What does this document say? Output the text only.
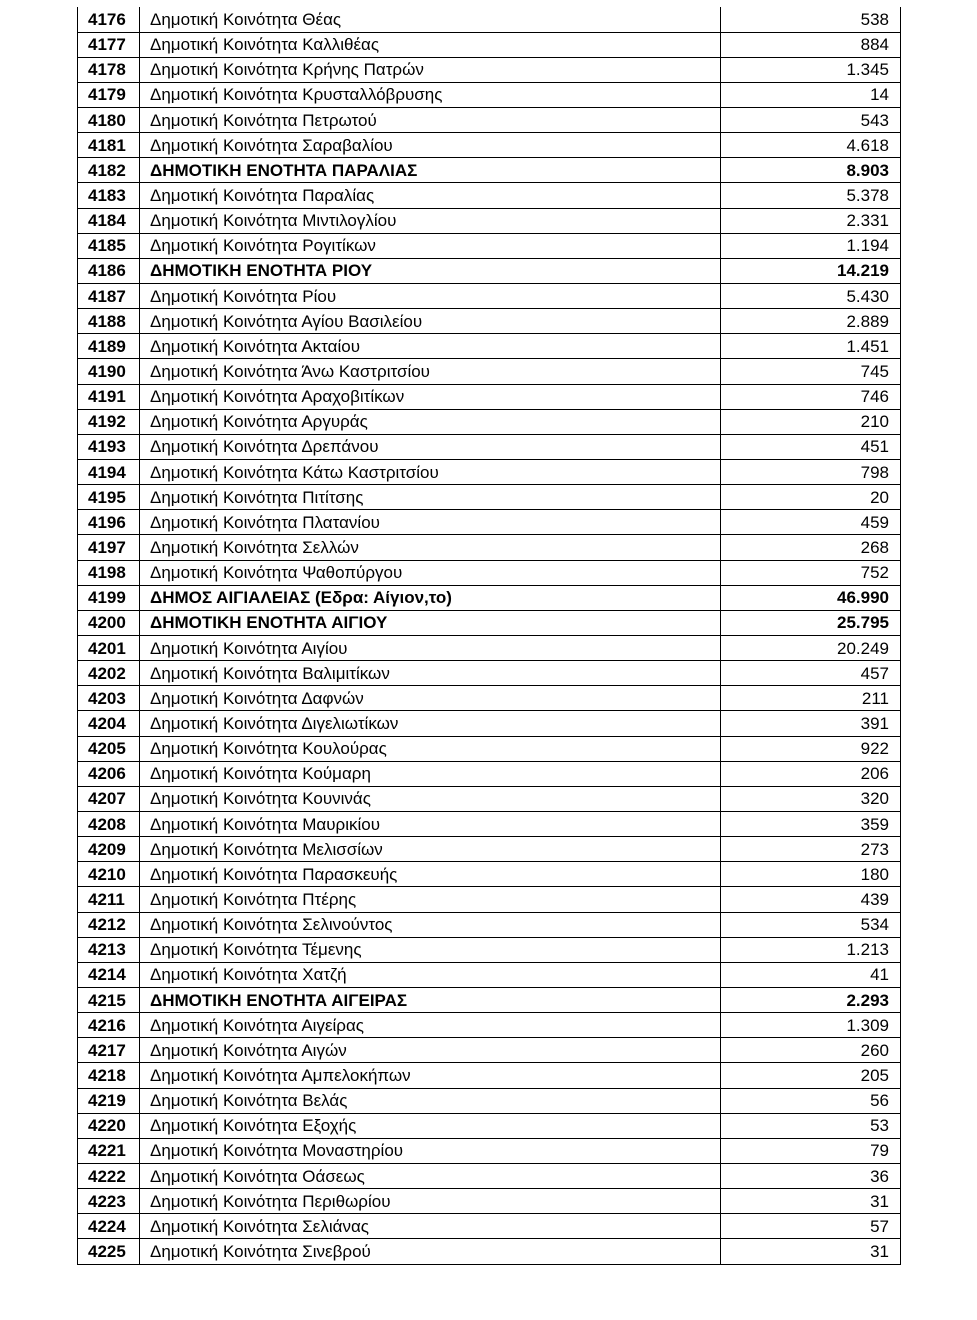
4176	Δημοτική Κοινότητα Θέας	538
4177	Δημοτική Κοινότητα Καλλιθέας	884
4178	Δημοτική Κοινότητα Κρήνης Πατρών	1.345
4179	Δημοτική Κοινότητα Κρυσταλλόβρυσης	14
4180	Δημοτική Κοινότητα Πετρωτού	543
4181	Δημοτική Κοινότητα Σαραβαλίου	4.618
4182	ΔΗΜΟΤΙΚΗ ΕΝΟΤΗΤΑ ΠΑΡΑΛΙΑΣ	8.903
4183	Δημοτική Κοινότητα Παραλίας	5.378
4184	Δημοτική Κοινότητα Μιντιλογλίου	2.331
4185	Δημοτική Κοινότητα Ρογιτίκων	1.194
4186	ΔΗΜΟΤΙΚΗ ΕΝΟΤΗΤΑ ΡΙΟΥ	14.219
4187	Δημοτική Κοινότητα Ρίου	5.430
4188	Δημοτική Κοινότητα Αγίου Βασιλείου	2.889
4189	Δημοτική Κοινότητα Ακταίου	1.451
4190	Δημοτική Κοινότητα Άνω Καστριτσίου	745
4191	Δημοτική Κοινότητα Αραχοβιτίκων	746
4192	Δημοτική Κοινότητα Αργυράς	210
4193	Δημοτική Κοινότητα Δρεπάνου	451
4194	Δημοτική Κοινότητα Κάτω Καστριτσίου	798
4195	Δημοτική Κοινότητα Πιτίτσης	20
4196	Δημοτική Κοινότητα Πλατανίου	459
4197	Δημοτική Κοινότητα Σελλών	268
4198	Δημοτική Κοινότητα Ψαθοπύργου	752
4199	ΔΗΜΟΣ ΑΙΓΙΑΛΕΙΑΣ (Εδρα: Αίγιον,το)	46.990
4200	ΔΗΜΟΤΙΚΗ ΕΝΟΤΗΤΑ ΑΙΓΙΟΥ	25.795
4201	Δημοτική Κοινότητα Αιγίου	20.249
4202	Δημοτική Κοινότητα Βαλιμιτίκων	457
4203	Δημοτική Κοινότητα Δαφνών	211
4204	Δημοτική Κοινότητα Διγελιωτίκων	391
4205	Δημοτική Κοινότητα Κουλούρας	922
4206	Δημοτική Κοινότητα Κούμαρη	206
4207	Δημοτική Κοινότητα Κουνινάς	320
4208	Δημοτική Κοινότητα Μαυρικίου	359
4209	Δημοτική Κοινότητα Μελισσίων	273
4210	Δημοτική Κοινότητα Παρασκευής	180
4211	Δημοτική Κοινότητα Πτέρης	439
4212	Δημοτική Κοινότητα Σελινούντος	534
4213	Δημοτική Κοινότητα Τέμενης	1.213
4214	Δημοτική Κοινότητα Χατζή	41
4215	ΔΗΜΟΤΙΚΗ ΕΝΟΤΗΤΑ ΑΙΓΕΙΡΑΣ	2.293
4216	Δημοτική Κοινότητα Αιγείρας	1.309
4217	Δημοτική Κοινότητα Αιγών	260
4218	Δημοτική Κοινότητα Αμπελοκήπων	205
4219	Δημοτική Κοινότητα Βελάς	56
4220	Δημοτική Κοινότητα Εξοχής	53
4221	Δημοτική Κοινότητα Μοναστηρίου	79
4222	Δημοτική Κοινότητα Οάσεως	36
4223	Δημοτική Κοινότητα Περιθωρίου	31
4224	Δημοτική Κοινότητα Σελιάνας	57
4225	Δημοτική Κοινότητα Σινεβρού	31
